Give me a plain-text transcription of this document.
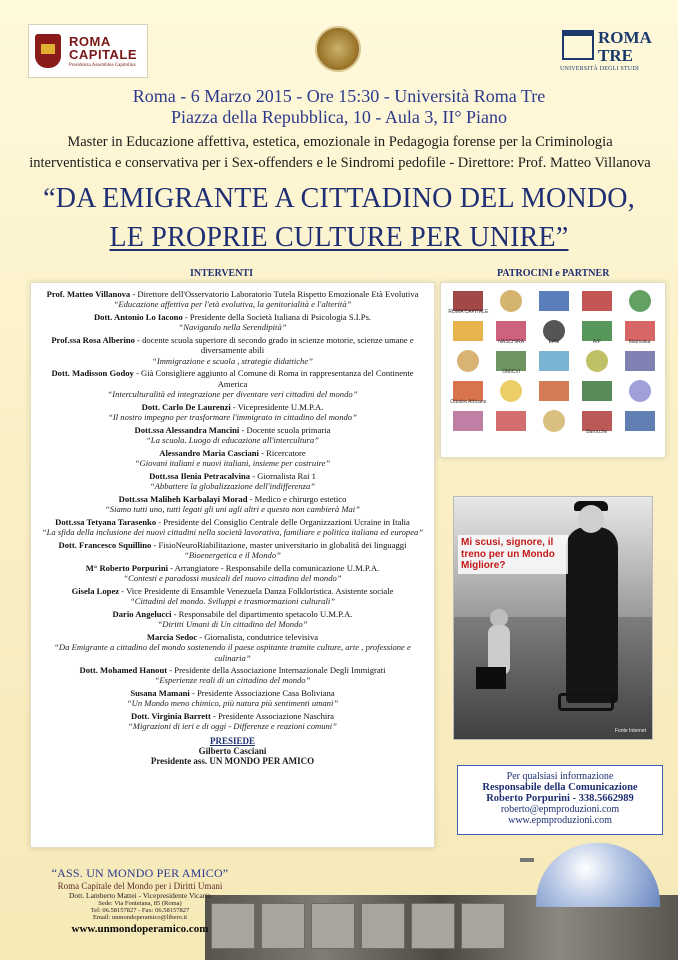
ROMA
CAPITALE
Presidenza Assemblea Capitolina
ROMA
TRE
UNIVERSITÀ DEGLI STUDI
Roma - 6 Marzo 2015 - Ore 15:30 - Università Roma Tre
Piazza della Repubblica, 10 - Aula 3, II° Piano
Master in Educazione affettiva, estetica, emozionale in Pedagogia forense per la Criminologia
interventistica e conservativa per i Sex-offenders e le Sindromi pedofile - Direttore: Prof. Matteo Villanova
“DA EMIGRANTE A CITTADINO DEL MONDO,
LE PROPRIE CULTURE PER UNIRE”
INTERVENTI	PATROCINI e PARTNER
Prof. Matteo Villanova - Direttore dell'Osservatorio Laboratorio Tutela Rispetto Emozionale Età Evolutiva
“Educazione affettiva per l'età evolutiva, la genitorialità e l'alterità”
Dott. Antonio Lo Iacono - Presidente della Società Italiana di Psicologia S.I.Ps.
“Navigando nella Serendipità”
Prof.ssa Rosa Alberino - docente scuola superiore di secondo grado in scienze motorie, scienze umane e diversamente abili
“Immigrazione e scuola , strategie didattiche”
Dott. Madisson Godoy - Già Consigliere aggiunto al Comune di Roma in rappresentanza del Continente America
“Interculturalità ed integrazione per diventare veri cittadini del mondo”
Dott. Carlo De Laurenzi - Vicepresidente U.M.P.A.
“Il nostro impegno per trasformare l'immigrato in cittadino del mondo”
Dott.ssa Alessandra Mancini - Docente scuola primaria
“La scuola. Luogo di educazione all'intercultura”
Alessandro Maria Casciani - Ricercatore
“Giovani italiani e nuovi italiani, insieme per costruire”
Dott.ssa Ilenia Petracalvina - Giornalista Rai 1
“Abbattere la globalizzazione dell'indifferenza”
Dott.ssa Maliheh Karbalayi Morad - Medico e chirurgo estetico
“Siamo tutti uno, tutti legati gli uni agli altri e questo non cambierà Mai”
Dott.ssa Tetyana Tarasenko - Presidente del Consiglio Centrale delle Organizzazioni Ucraine in Italia
“La sfida della inclusione dei nuovi cittadini nella società lavorativa, familiare e politica italiana ed europea”
Dott. Francesco Squillino - FisioNeuroRiabilitazione, master universitario in globalità dei linguaggi
“Bioenergetica e il Mondo”
M° Roberto Porpurini - Arrangiatore - Responsabile della comunicazione U.M.P.A.
“Contesti e paradossi musicali del nuovo cittadino del mondo”
Gisela Lopez - Vice Presidente di Ensamble Venezuela Danza Folkloristica. Asistente sociale
“Cittadini del mondo. Sviluppi e trasmormazioni culturali”
Dario Angelucci - Responsabile del dipartimento spetacolo U.M.P.A.
“Diritti Umani di Un cittadino del Mondo”
Marcia Sedoc - Giornalista, condutrice televisiva
“Da Emigrante a cittadino del mondo sostenendo il paese ospitante tramite culture, arte , professione e culinaria”
Dott. Mohamed Hanout - Presidente della Associazione Internazionale Degli Immigrati
“Esperienze reali di un cittadino del mondo”
Susana Mamani - Presidente Associazione Casa Boliviana
“Un Mondo meno chimico, più natura più sentimenti umani”
Dott. Virginia Barrett - Presidente Associazione Naschira
“Migrazioni di ieri e di oggi - Differenze e reazioni comuni”
PRESIEDE
Gilberto Casciani
Presidente ass. UN MONDO PER AMICO
ROMA CAPITALE
NASCHIRA	EPM	AIF	Matrioska
OMICVI
Ottobre Africano
Barocche
Mi scusi, signore, il treno per un Mondo Migliore?
Fonte Internet
Per qualsiasi informazione
Responsabile della Comunicazione
Roberto Porpurini - 338.5662989
roberto@epmproduzioni.com
www.epmproduzioni.com
“ASS. UN MONDO PER AMICO”
Roma Capitale del Mondo per i Diritti Umani
Dott. Lamberto Mattei - Vicepresidente Vicario
Sede: Via Fonteiana, 85 (Roma)
Tel: 06.58157827 - Fax: 06.58157827
Email: unmondoperamico@libero.it
www.unmondoperamico.com
